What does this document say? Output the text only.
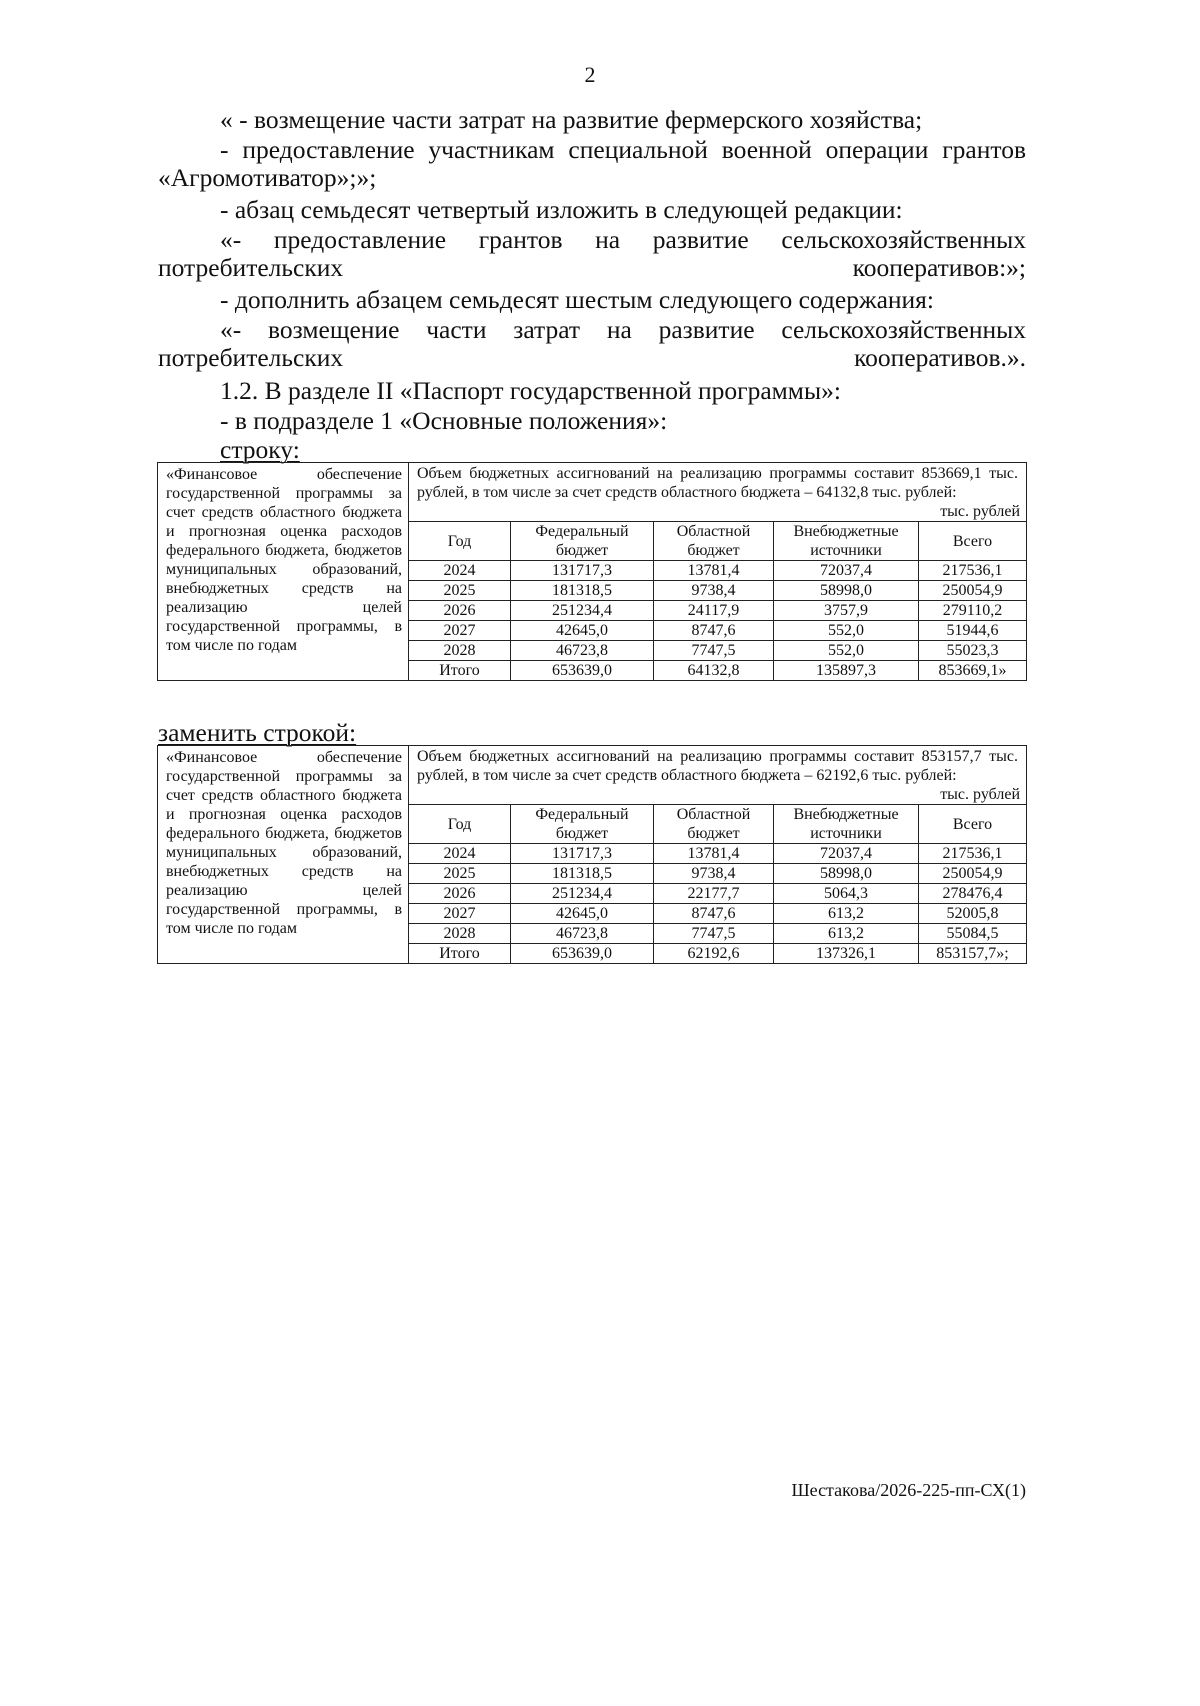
2

« - возмещение части затрат на развитие фермерского хозяйства;

- предоставление участникам специальной военной операции грантов «Агромотиватор»;»;

- абзац семьдесят четвертый изложить в следующей редакции:

«- предоставление грантов на развитие сельскохозяйственных потребительских кооперативов:»;

- дополнить абзацем семьдесят шестым следующего содержания:

«- возмещение части затрат на развитие сельскохозяйственных потребительских кооперативов.».

1.2. В разделе II «Паспорт государственной программы»:

- в подразделе 1 «Основные положения»:

строку:
«Финансовое обеспечение государственной программы за счет средств областного бюджета и прогнозная оценка расходов федерального бюджета, бюджетов муниципальных образований, внебюджетных средств на реализацию целей государственной программы, в том числе по годам

Объем бюджетных ассигнований на реализацию программы составит 853669,1 тыс. рублей, в том числе за счет средств областного бюджета – 64132,8 тыс. рублей:
тыс. рублей
Год	Федеральный бюджет	Областной бюджет	Внебюджетные источники	Всего
2024	131717,3	13781,4	72037,4	217536,1
2025	181318,5	9738,4	58998,0	250054,9
2026	251234,4	24117,9	3757,9	279110,2
2027	42645,0	8747,6	552,0	51944,6
2028	46723,8	7747,5	552,0	55023,3
Итого	653639,0	64132,8	135897,3	853669,1»
заменить строкой:
«Финансовое обеспечение государственной программы за счет средств областного бюджета и прогнозная оценка расходов федерального бюджета, бюджетов муниципальных образований, внебюджетных средств на реализацию целей государственной программы, в том числе по годам

Объем бюджетных ассигнований на реализацию программы составит 853157,7 тыс. рублей, в том числе за счет средств областного бюджета – 62192,6 тыс. рублей:
тыс. рублей
Год	Федеральный бюджет	Областной бюджет	Внебюджетные источники	Всего
2024	131717,3	13781,4	72037,4	217536,1
2025	181318,5	9738,4	58998,0	250054,9
2026	251234,4	22177,7	5064,3	278476,4
2027	42645,0	8747,6	613,2	52005,8
2028	46723,8	7747,5	613,2	55084,5
Итого	653639,0	62192,6	137326,1	853157,7»;
Шестакова/2026-225-пп-СХ(1)
